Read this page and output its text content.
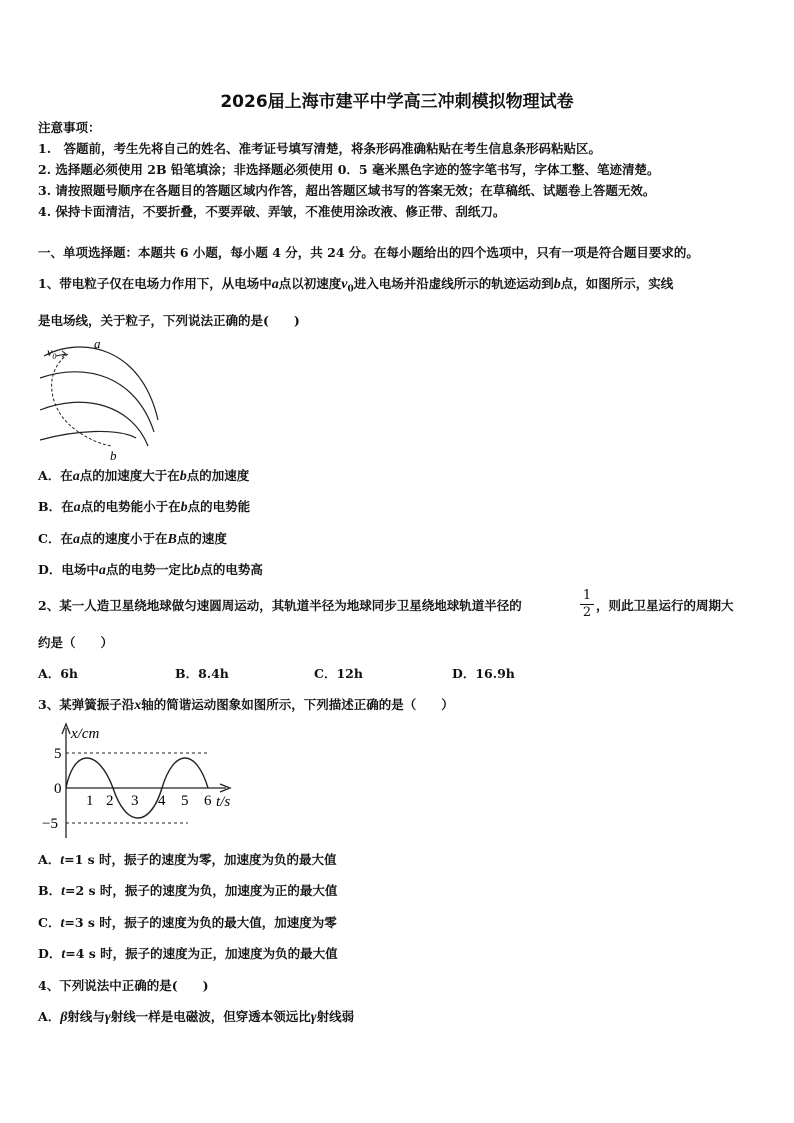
2026届上海市建平中学高三冲刺模拟物理试卷
注意事项：
1.　答题前，考生先将自己的姓名、准考证号填写清楚，将条形码准确粘贴在考生信息条形码粘贴区。
2. 选择题必须使用 2B 铅笔填涂；非选择题必须使用 0．5 毫米黑色字迹的签字笔书写，字体工整、笔迹清楚。
3. 请按照题号顺序在各题目的答题区域内作答，超出答题区域书写的答案无效；在草稿纸、试题卷上答题无效。
4. 保持卡面清洁，不要折叠，不要弄破、弄皱，不准使用涂改液、修正带、刮纸刀。
一、单项选择题：本题共 6 小题，每小题 4 分，共 24 分。在每小题给出的四个选项中，只有一项是符合题目要求的。
1、带电粒子仅在电场力作用下，从电场中a点以初速度$v_0$进入电场并沿虚线所示的轨迹运动到b点，如图所示，实线
是电场线，关于粒子，下列说法正确的是(　　)
$v_0$
a
b
A．在a点的加速度大于在b点的加速度
B．在a点的电势能小于在b点的电势能
C．在a点的速度小于在B点的速度
D．电场中a点的电势一定比b点的电势高
2、某一人造卫星绕地球做匀速圆周运动，其轨道半径为地球同步卫星绕地球轨道半径的	$\frac{1}{2}$ ，则此卫星运行的周期大
约是（　　）
A．6h	B．8.4h	C．12h	D．16.9h
3、某弹簧振子沿x轴的简谐运动图象如图所示，下列描述正确的是（　　）
x/cm
t/s
5
0
−5
1 2 3 4 5 6
A．t=1 s 时，振子的速度为零，加速度为负的最大值
B．t=2 s 时，振子的速度为负，加速度为正的最大值
C．t=3 s 时，振子的速度为负的最大值，加速度为零
D．t=4 s 时，振子的速度为正，加速度为负的最大值
4、下列说法中正确的是(　　)
A．β射线与γ射线一样是电磁波，但穿透本领远比γ射线弱
